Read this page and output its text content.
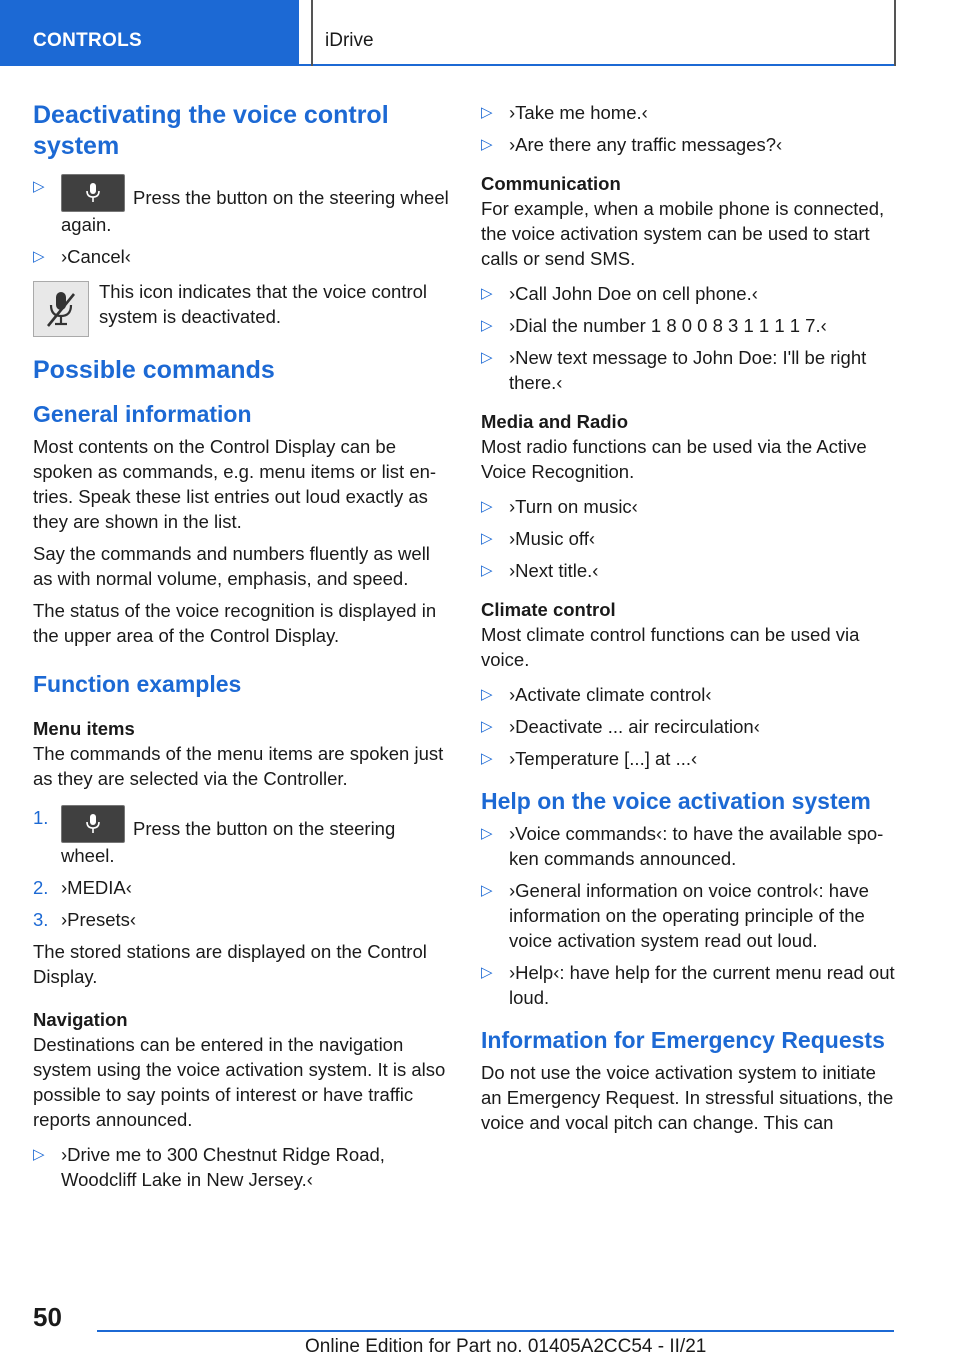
CONTROLS	iDrive
Deactivating the voice control system
▷
Press the button on the steering wheel again.
▷ ›Cancel‹
This icon indicates that the voice control system is deactivated.
Possible commands
General information

Most contents on the Control Display can be spoken as commands, e.g. menu items or list en‐tries. Speak these list entries out loud exactly as they are shown in the list.

Say the commands and numbers fluently as well as with normal volume, emphasis, and speed.

The status of the voice recognition is displayed in the upper area of the Control Display.

Function examples
Menu items

The commands of the menu items are spoken just as they are selected via the Controller.

1.
Press the button on the steering wheel.
2. ›MEDIA‹
3. ›Presets‹

The stored stations are displayed on the Control Display.

Navigation

Destinations can be entered in the navigation system using the voice activation system. It is also possible to say points of interest or have traffic reports announced.

▷ ›Drive me to 300 Chestnut Ridge Road, Woodcliff Lake in New Jersey.‹
▷ ›Take me home.‹
▷ ›Are there any traffic messages?‹
Communication

For example, when a mobile phone is connected, the voice activation system can be used to start calls or send SMS.

▷ ›Call John Doe on cell phone.‹
▷ ›Dial the number 1 8 0 0 8 3 1 1 1 1 7.‹
▷ ›New text message to John Doe: I'll be right there.‹
Media and Radio

Most radio functions can be used via the Active Voice Recognition.

▷ ›Turn on music‹
▷ ›Music off‹
▷ ›Next title.‹
Climate control

Most climate control functions can be used via voice.

▷ ›Activate climate control‹
▷ ›Deactivate ... air recirculation‹
▷ ›Temperature [...] at ...‹
Help on the voice activation system
▷ ›Voice commands‹: to have the available spo‐ken commands announced.
▷ ›General information on voice control‹: have information on the operating principle of the voice activation system read out loud.
▷ ›Help‹: have help for the current menu read out loud.
Information for Emergency Requests

Do not use the voice activation system to initiate an Emergency Request. In stressful situations, the voice and vocal pitch can change. This can

50
Online Edition for Part no. 01405A2CC54 - II/21
